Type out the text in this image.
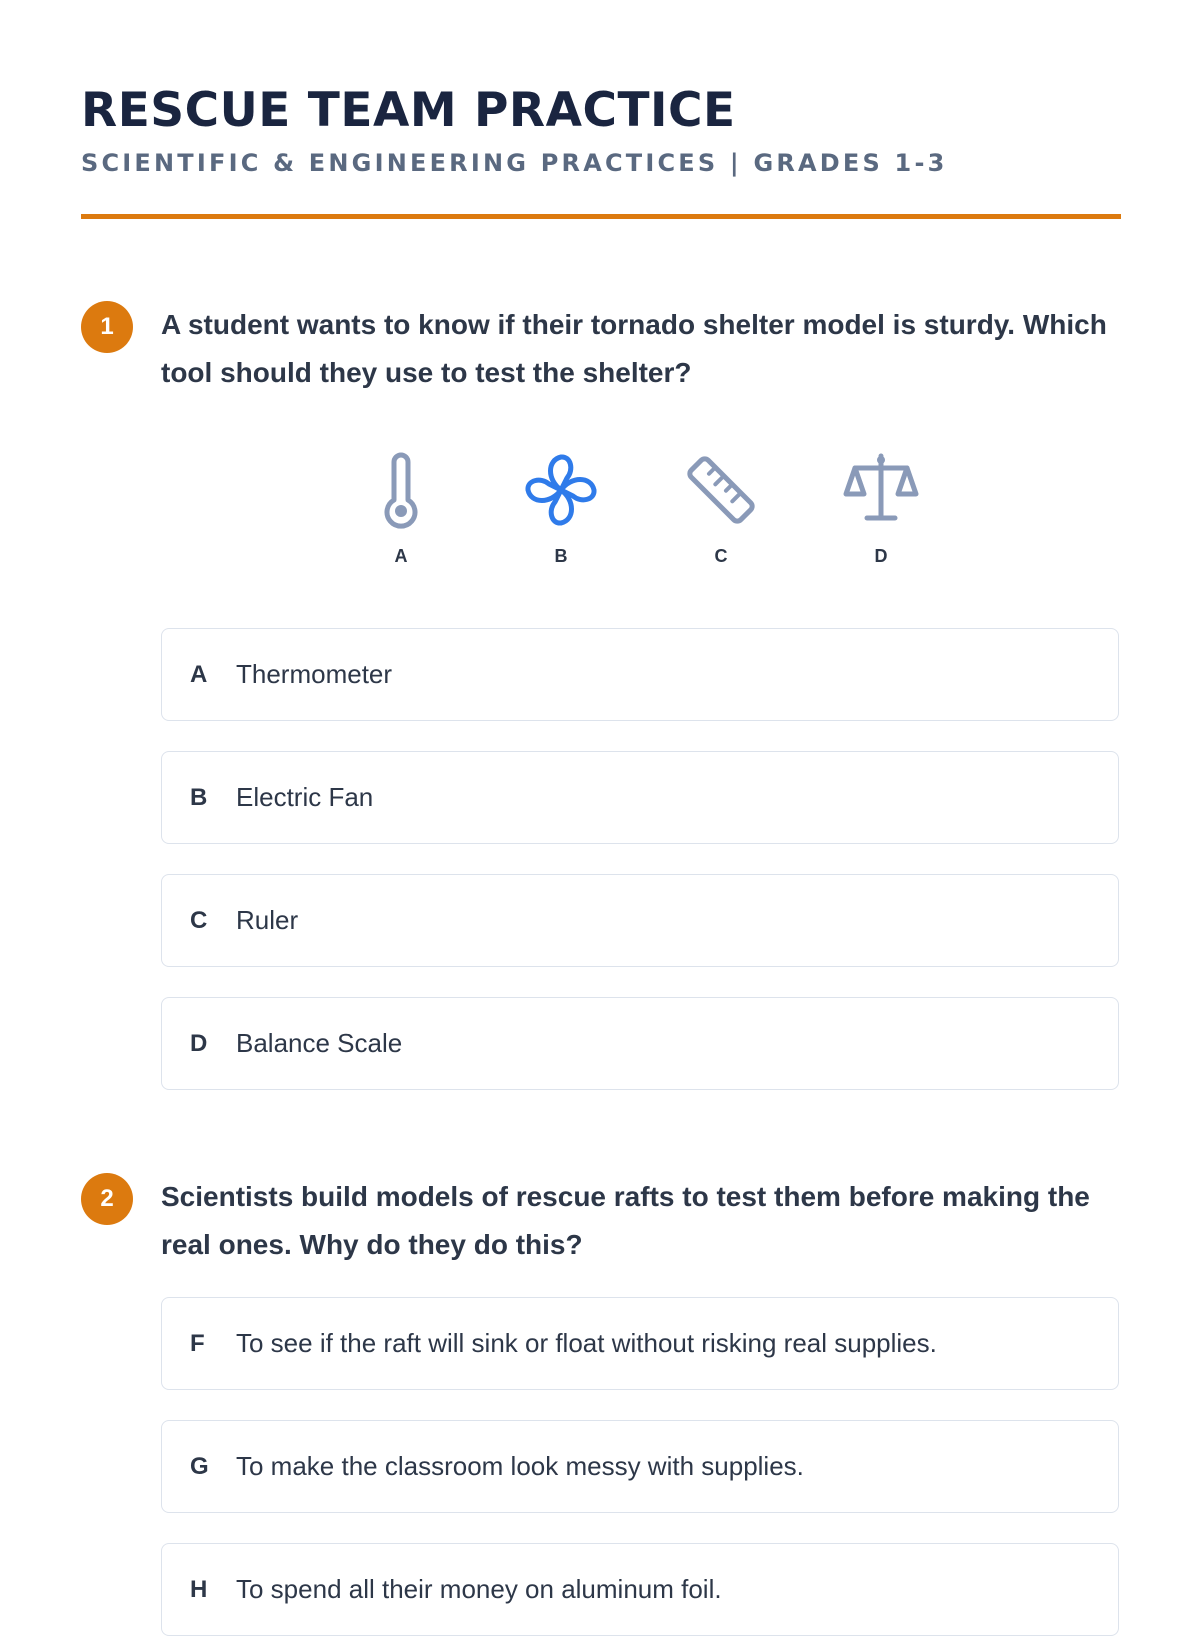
RESCUE TEAM PRACTICE
SCIENTIFIC & ENGINEERING PRACTICES | GRADES 1-3
1	A student wants to know if their tornado shelter model is sturdy. Which tool should they use to test the shelter?
A	B	C	D
A	Thermometer
B	Electric Fan
C	Ruler
D	Balance Scale
2	Scientists build models of rescue rafts to test them before making the real ones. Why do they do this?
F	To see if the raft will sink or float without risking real supplies.
G	To make the classroom look messy with supplies.
H	To spend all their money on aluminum foil.
